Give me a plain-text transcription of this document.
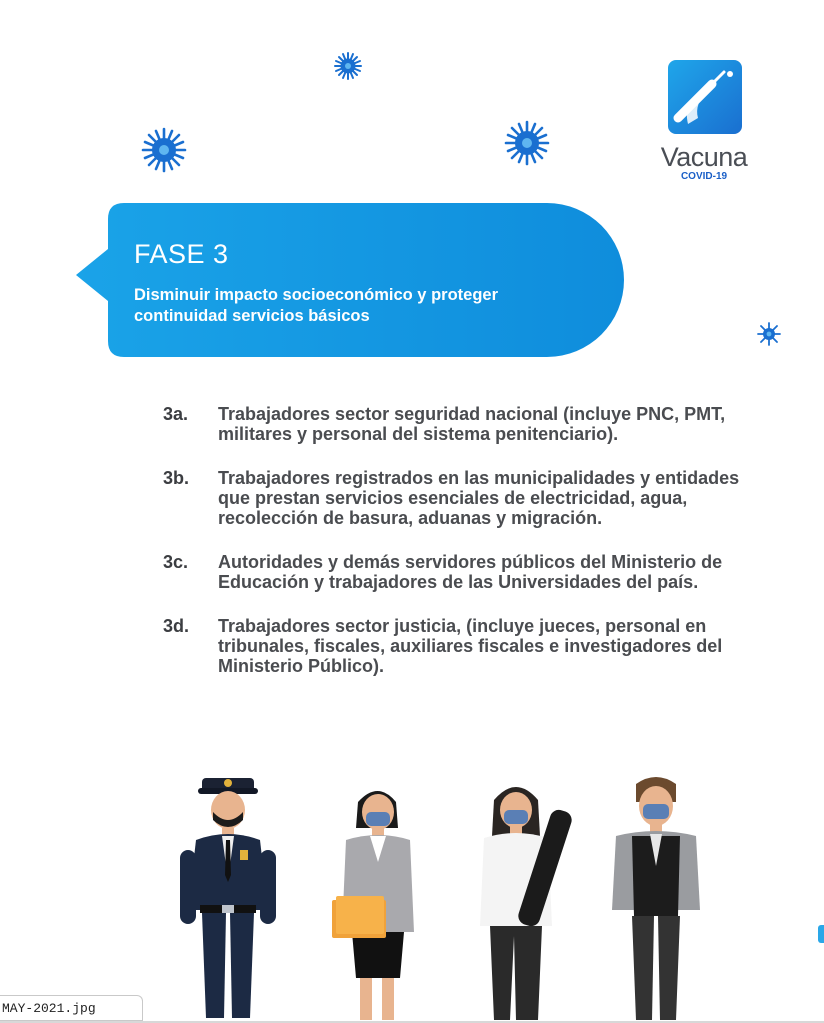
Vacuna
COVID-19
FASE 3
Disminuir impacto socioeconómico y proteger continuidad servicios básicos
3a.	Trabajadores sector seguridad nacional (incluye PNC, PMT, militares y personal del sistema penitenciario).
3b.	Trabajadores registrados en las municipalidades y entidades que prestan servicios esenciales de electricidad, agua, recolección de basura, aduanas y migración.
3c.	Autoridades y demás servidores públicos del Ministerio de Educación y trabajadores de las Universidades del país.
3d.	Trabajadores sector justicia, (incluye jueces, personal en tribunales, fiscales, auxiliares fiscales e investigadores del Ministerio Público).
MAY-2021.jpg
